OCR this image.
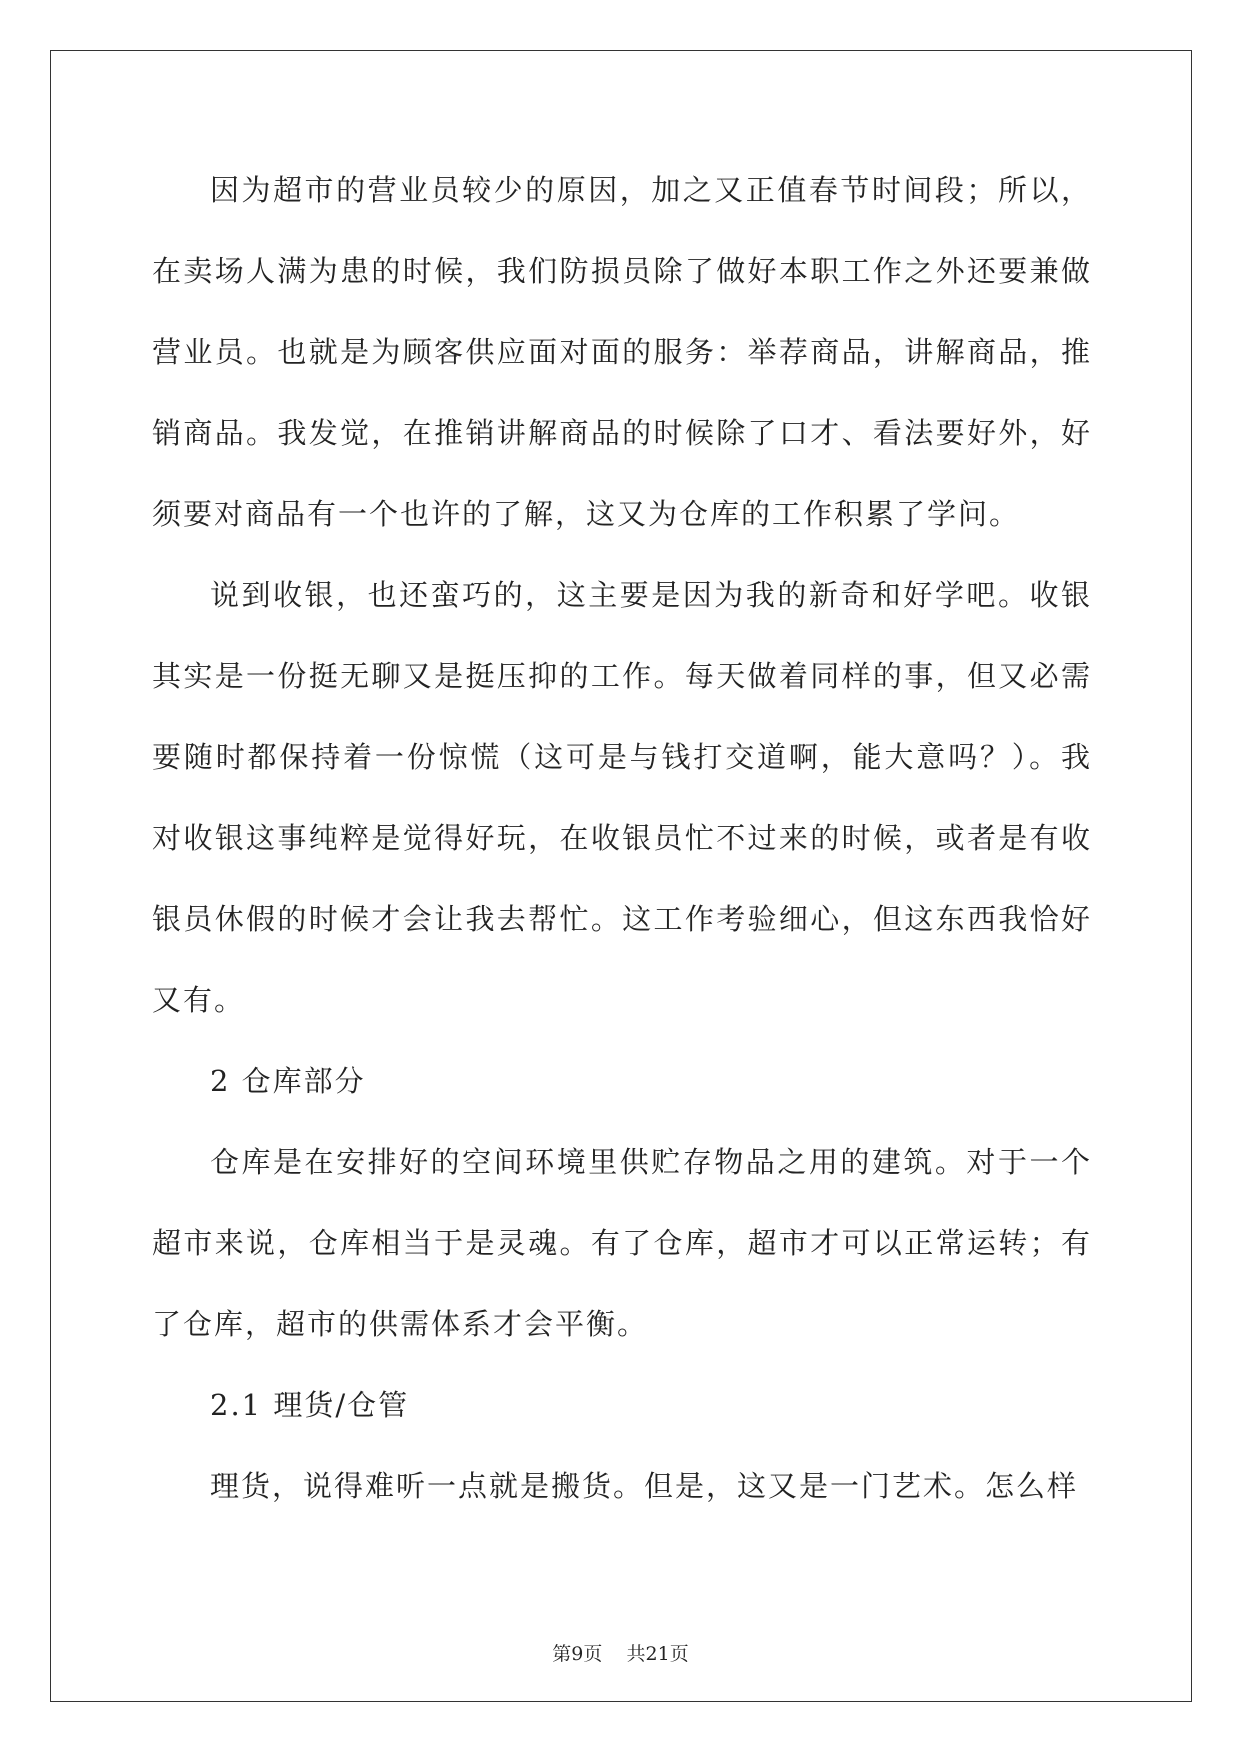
因为超市的营业员较少的原因，加之又正值春节时间段；所以，在卖场人满为患的时候，我们防损员除了做好本职工作之外还要兼做营业员。也就是为顾客供应面对面的服务：举荐商品，讲解商品，推销商品。我发觉，在推销讲解商品的时候除了口才、看法要好外，好须要对商品有一个也许的了解，这又为仓库的工作积累了学问。

说到收银，也还蛮巧的，这主要是因为我的新奇和好学吧。收银其实是一份挺无聊又是挺压抑的工作。每天做着同样的事，但又必需要随时都保持着一份惊慌（这可是与钱打交道啊，能大意吗？）。我对收银这事纯粹是觉得好玩，在收银员忙不过来的时候，或者是有收银员休假的时候才会让我去帮忙。这工作考验细心，但这东西我恰好又有。

2 仓库部分

仓库是在安排好的空间环境里供贮存物品之用的建筑。对于一个超市来说，仓库相当于是灵魂。有了仓库，超市才可以正常运转；有了仓库，超市的供需体系才会平衡。

2.1 理货/仓管

理货，说得难听一点就是搬货。但是，这又是一门艺术。怎么样

第9页 共21页
